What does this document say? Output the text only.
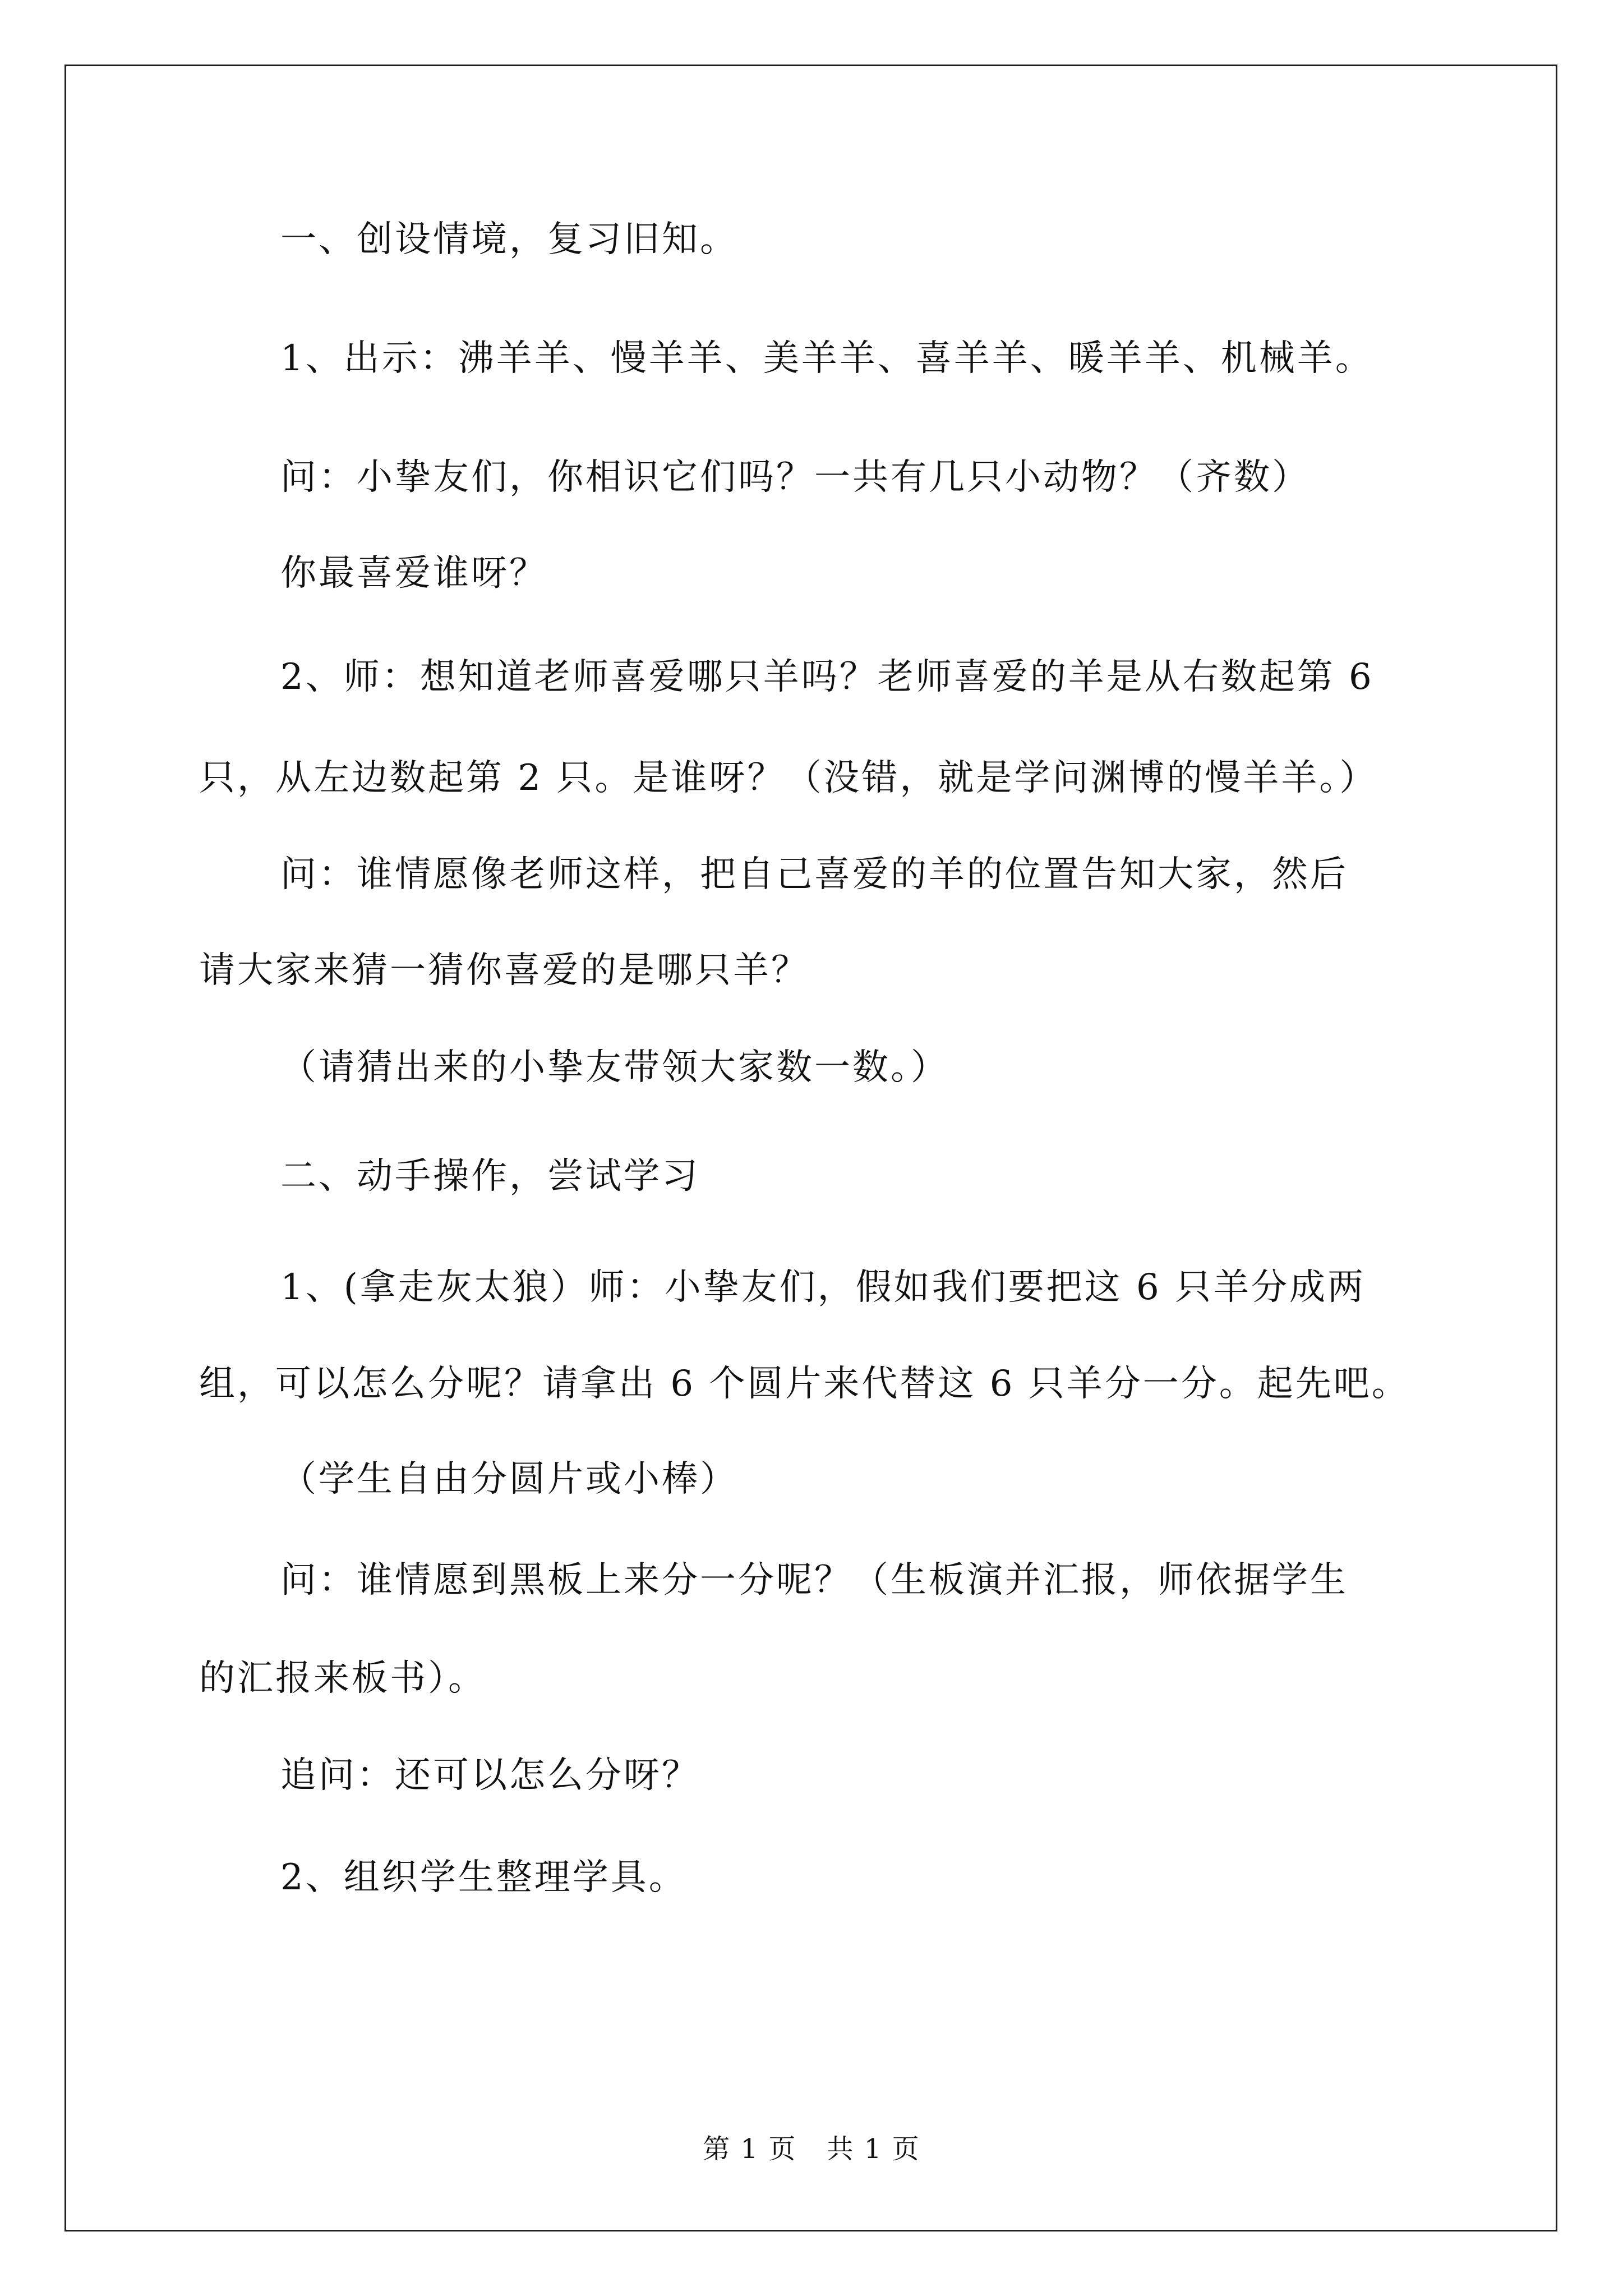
一、创设情境，复习旧知。
1、出示：沸羊羊、慢羊羊、美羊羊、喜羊羊、暖羊羊、机械羊。
问：小挚友们，你相识它们吗？一共有几只小动物？（齐数）
你最喜爱谁呀？
2、师：想知道老师喜爱哪只羊吗？老师喜爱的羊是从右数起第 6
只，从左边数起第 2 只。是谁呀？（没错，就是学问渊博的慢羊羊。）
问：谁情愿像老师这样，把自己喜爱的羊的位置告知大家，然后
请大家来猜一猜你喜爱的是哪只羊？
（请猜出来的小挚友带领大家数一数。）
二、动手操作，尝试学习
1、(拿走灰太狼）师：小挚友们，假如我们要把这 6 只羊分成两
组，可以怎么分呢？请拿出 6 个圆片来代替这 6 只羊分一分。起先吧。
（学生自由分圆片或小棒）
问：谁情愿到黑板上来分一分呢？（生板演并汇报，师依据学生
的汇报来板书）。
追问：还可以怎么分呀？
2、组织学生整理学具。
第 1 页 共 1 页
